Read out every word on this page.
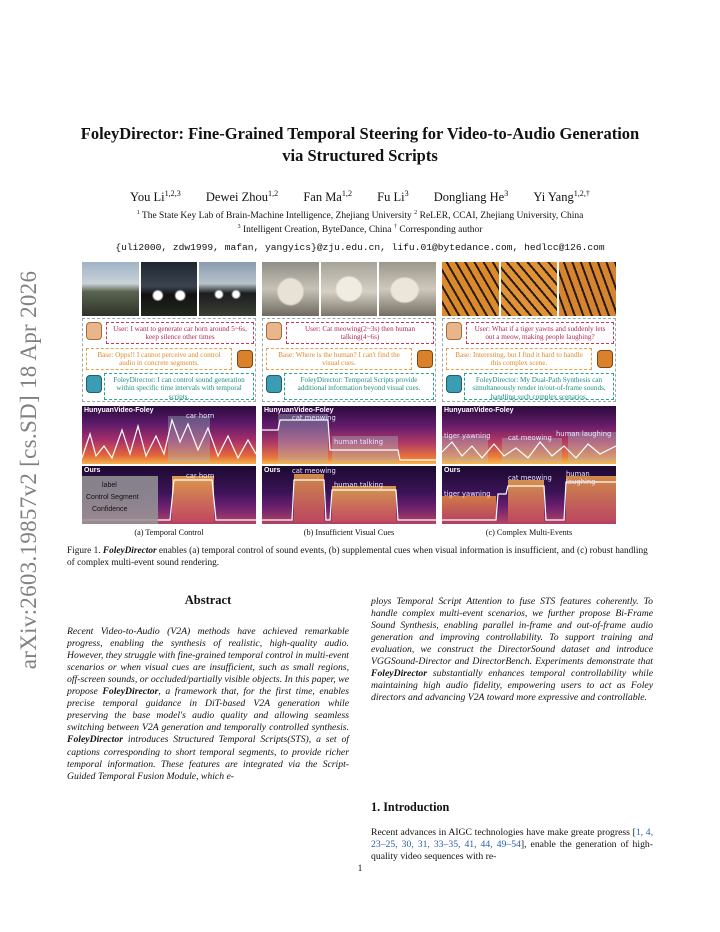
arXiv:2603.19857v2 [cs.SD] 18 Apr 2026
FoleyDirector: Fine-Grained Temporal Steering for Video-to-Audio Generation
via Structured Scripts
You Li$^{1,2,3}$ Dewei Zhou$^{1,2}$ Fan Ma$^{1,2}$ Fu Li$^3$ Dongliang He$^3$ Yi Yang$^{1,2,\dagger}$
$^1$ The State Key Lab of Brain-Machine Intelligence, Zhejiang University $^2$ ReLER, CCAI, Zhejiang University, China
$^3$ Intelligent Creation, ByteDance, China † Corresponding author
{uli2000, zdw1999, mafan, yangyics}@zju.edu.cn, lifu.01@bytedance.com, hedlcc@126.com
User: I want to generate car horn around 5~6s, keep silence other times
Base: Opps!! I cannot perceive and control audio in concrete segments.
FoleyDirector: I can control sound generation within specific time intervals with temporal scripts.
HunyuanVideo-Foley
car horn
Ours
car horn
label
Control Segment
Confidence
(a) Temporal Control
User: Cat meowing(2~3s) then human talking(4~6s)
Base: Where is the human? I can't find the visual cues.
FoleyDirector: Temporal Scripts provide additional information beyond visual cues.
HunyuanVideo-Foley
cat meowing
human talking
Ours cat meowing
human talking
(b) Insufficient Visual Cues
User: What if a tiger yawns and suddenly lets out a meow, making people laughing?
Base: Interesting, but I find it hard to handle this complex scene.
FoleyDirector: My Dual-Path Synthesis can simultaneously render in/out-of-frame sounds, handling such complex scenarios.
HunyuanVideo-Foley
tiger yawning	cat meowing human laughing
Ours
cat meowing human laughing
tiger yawning
(c) Complex Multi-Events
Figure 1. FoleyDirector enables (a) temporal control of sound events, (b) supplemental cues when visual information is insufficient, and (c) robust handling of complex multi-event sound rendering.
Abstract
Recent Video-to-Audio (V2A) methods have achieved remarkable progress, enabling the synthesis of realistic, high-quality audio. However, they struggle with fine-grained temporal control in multi-event scenarios or when visual cues are insufficient, such as small regions, off-screen sounds, or occluded/partially visible objects. In this paper, we propose FoleyDirector, a framework that, for the first time, enables precise temporal guidance in DiT-based V2A generation while preserving the base model's audio quality and allowing seamless switching between V2A generation and temporally controlled synthesis. FoleyDirector introduces Structured Temporal Scripts(STS), a set of captions corresponding to short temporal segments, to provide richer temporal information. These features are integrated via the Script-Guided Temporal Fusion Module, which e-
ploys Temporal Script Attention to fuse STS features coherently. To handle complex multi-event scenarios, we further propose Bi-Frame Sound Synthesis, enabling parallel in-frame and out-of-frame audio generation and improving controllability. To support training and evaluation, we construct the DirectorSound dataset and introduce VGGSound-Director and DirectorBench. Experiments demonstrate that FoleyDirector substantially enhances temporal controllability while maintaining high audio fidelity, empowering users to act as Foley directors and advancing V2A toward more expressive and controllable.
1. Introduction
Recent advances in AIGC technologies have make greate progress [1, 4, 23–25, 30, 31, 33–35, 41, 44, 49–54], enable the generation of high-quality video sequences with re-
1
